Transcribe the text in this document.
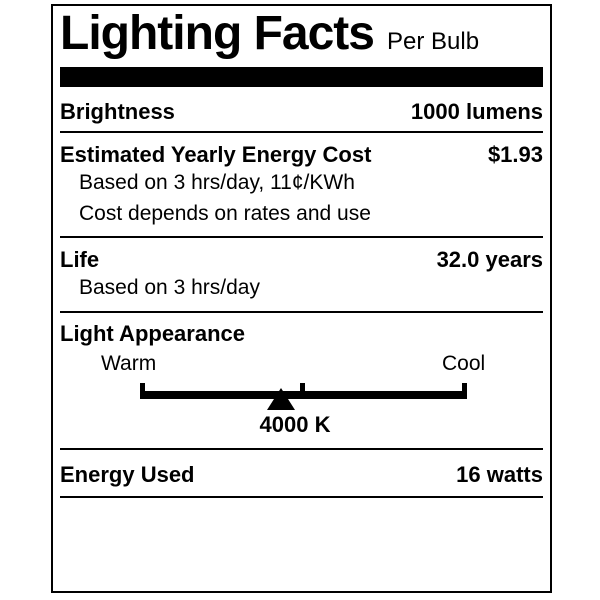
Lighting Facts Per Bulb
Brightness	1000 lumens
Estimated Yearly Energy Cost	$1.93
Based on 3 hrs/day, 11¢/KWh
Cost depends on rates and use
Life	32.0 years
Based on 3 hrs/day
Light Appearance
Warm	Cool
4000 K
Energy Used	16 watts
